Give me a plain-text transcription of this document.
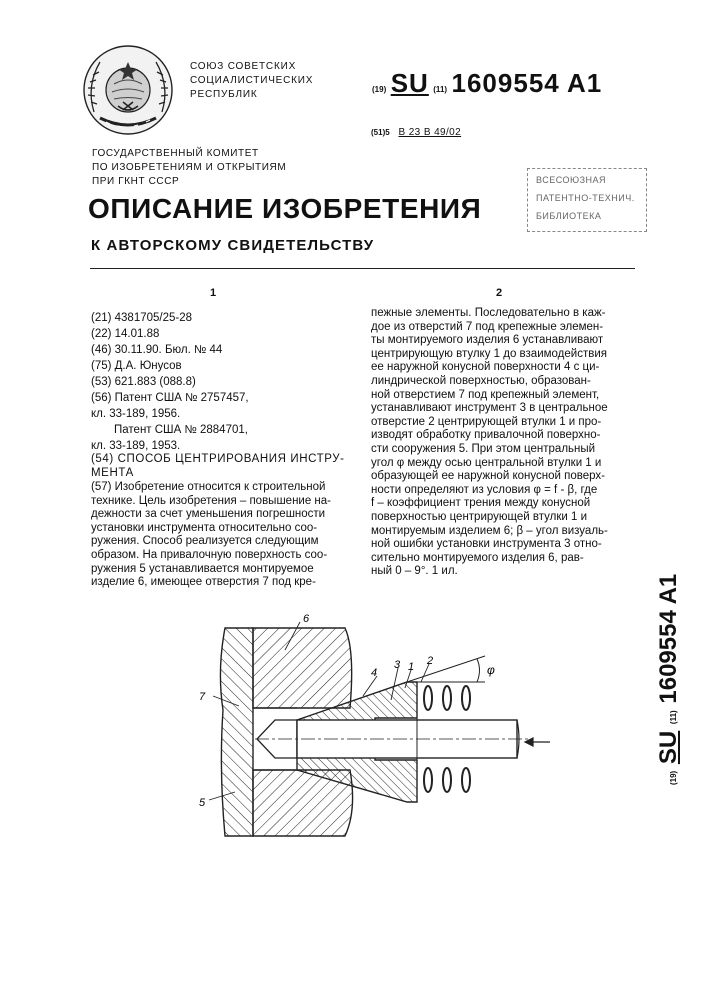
СОЮЗ СОВЕТСКИХ
СОЦИАЛИСТИЧЕСКИХ
РЕСПУБЛИК	(19) SU (11) 1609554 A1
(51)5 В 23 В 49/02
ГОСУДАРСТВЕННЫЙ КОМИТЕТ
ПО ИЗОБРЕТЕНИЯМ И ОТКРЫТИЯМ
ПРИ ГКНТ СССР	ВСЕСОЮЗНАЯ
ПАТЕНТНО-ТЕХНИЧ.
БИБЛИОТЕКА
ОПИСАНИЕ ИЗОБРЕТЕНИЯ
К АВТОРСКОМУ СВИДЕТЕЛЬСТВУ
1	2
(21) 4381705/25-28
(22) 14.01.88
(46) 30.11.90. Бюл. № 44
(75) Д.А. Юнусов
(53) 621.883 (088.8)
(56) Патент США № 2757457,
кл. 33-189, 1956.
Патент США № 2884701,
кл. 33-189, 1953.
(54) СПОСОБ ЦЕНТРИРОВАНИЯ ИНСТРУ-
МЕНТА
(57) Изобретение относится к строительной
технике. Цель изобретения – повышение на-
дежности за счет уменьшения погрешности
установки инструмента относительно соо-
ружения. Способ реализуется следующим
образом. На привалочную поверхность соо-
ружения 5 устанавливается монтируемое
изделие 6, имеющее отверстия 7 под кре-
пежные элементы. Последовательно в каж-
дое из отверстий 7 под крепежные элемен-
ты монтируемого изделия 6 устанавливают
центрирующую втулку 1 до взаимодействия
ее наружной конусной поверхности 4 с ци-
линдрической поверхностью, образован-
ной отверстием 7 под крепежный элемент,
устанавливают инструмент 3 в центральное
отверстие 2 центрирующей втулки 1 и про-
изводят обработку привалочной поверхно-
сти сооружения 5. При этом центральный
угол φ между осью центральной втулки 1 и
образующей ее наружной конусной поверх-
ности определяют из условия φ = f - β, где
f – коэффициент трения между конусной
поверхностью центрирующей втулки 1 и
монтируемым изделием 6; β – угол визуаль-
ной ошибки установки инструмента 3 отно-
сительно монтируемого изделия 6, рав-
ный 0 – 9°. 1 ил.
(19) SU (11) 1609554 A1
6
7
5
4
3 1 2
φ
